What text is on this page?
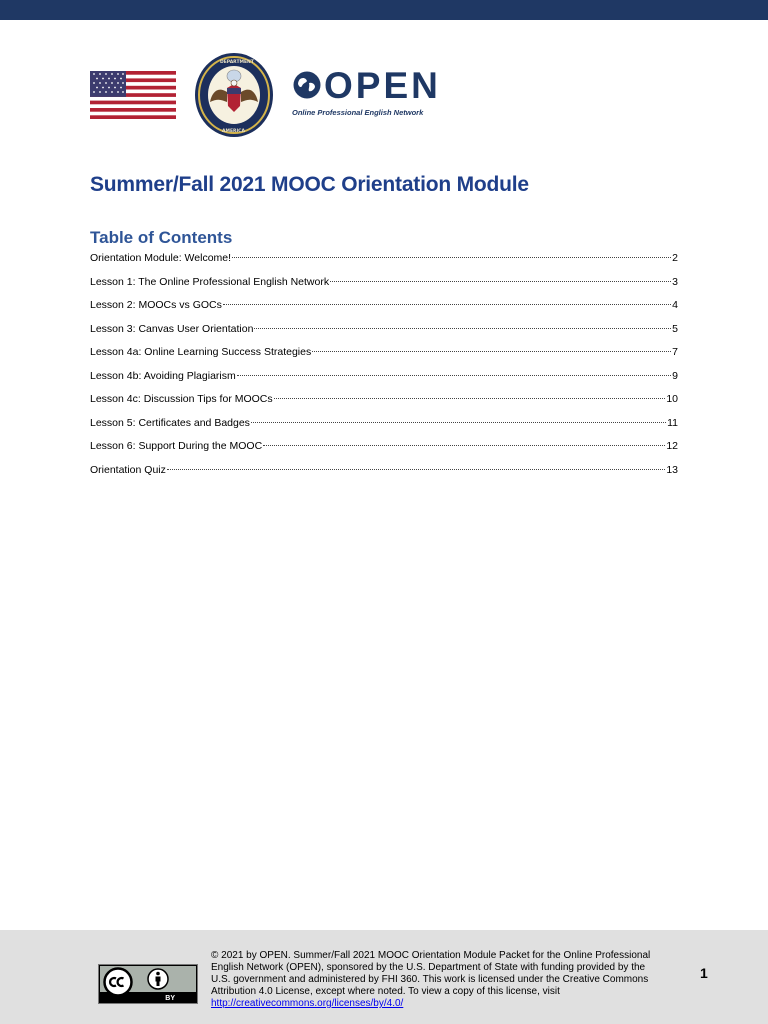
DEPARTMENT
AMERICA
OPEN
Online Professional English Network
Summer/Fall 2021 MOOC Orientation Module
Table of Contents
Orientation Module: Welcome!	2
Lesson 1: The Online Professional English Network	3
Lesson 2: MOOCs vs GOCs	4
Lesson 3: Canvas User Orientation	5
Lesson 4a: Online Learning Success Strategies	7
Lesson 4b: Avoiding Plagiarism	9
Lesson 4c: Discussion Tips for MOOCs	10
Lesson 5: Certificates and Badges	11
Lesson 6: Support During the MOOC	12
Orientation Quiz	13
BY
© 2021 by OPEN. Summer/Fall 2021 MOOC Orientation Module Packet for the Online Professional English Network (OPEN), sponsored by the U.S. Department of State with funding provided by the U.S. government and administered by FHI 360. This work is licensed under the Creative Commons Attribution 4.0 License, except where noted. To view a copy of this license, visit http://creativecommons.org/licenses/by/4.0/
1
